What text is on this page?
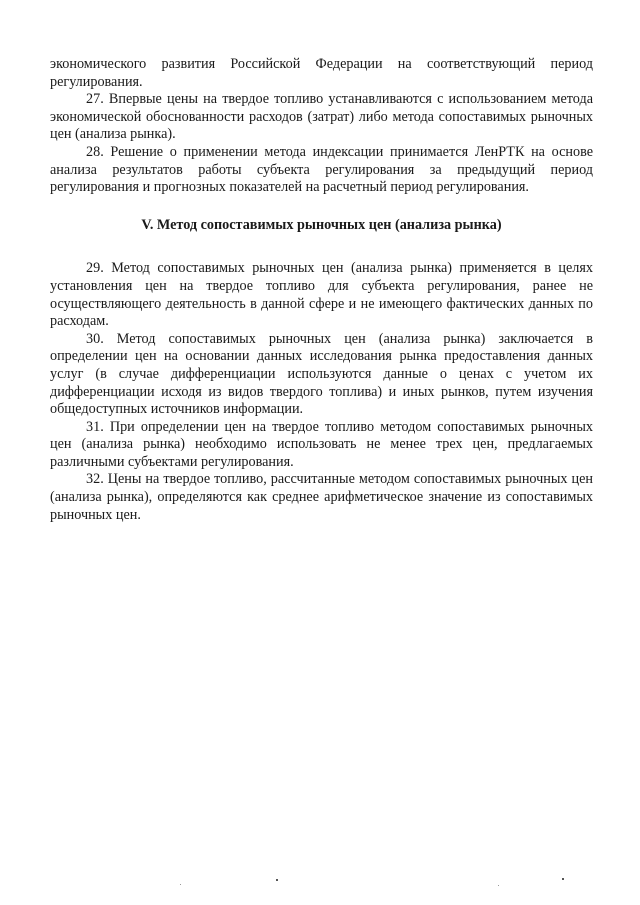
экономического развития Российской Федерации на соответствующий период регулирования.

27. Впервые цены на твердое топливо устанавливаются с использованием метода экономической обоснованности расходов (затрат) либо метода сопоставимых рыночных цен (анализа рынка).

28. Решение о применении метода индексации принимается ЛенРТК на основе анализа результатов работы субъекта регулирования за предыдущий период регулирования и прогнозных показателей на расчетный период регулирования.

V. Метод сопоставимых рыночных цен (анализа рынка)

29. Метод сопоставимых рыночных цен (анализа рынка) применяется в целях установления цен на твердое топливо для субъекта регулирования, ранее не осуществляющего деятельность в данной сфере и не имеющего фактических данных по расходам.

30. Метод сопоставимых рыночных цен (анализа рынка) заключается в определении цен на основании данных исследования рынка предоставления данных услуг (в случае дифференциации используются данные о ценах с учетом их дифференциации исходя из видов твердого топлива) и иных рынков, путем изучения общедоступных источников информации.

31. При определении цен на твердое топливо методом сопоставимых рыночных цен (анализа рынка) необходимо использовать не менее трех цен, предлагаемых различными субъектами регулирования.

32. Цены на твердое топливо, рассчитанные методом сопоставимых рыночных цен (анализа рынка), определяются как среднее арифметическое значение из сопоставимых рыночных цен.
